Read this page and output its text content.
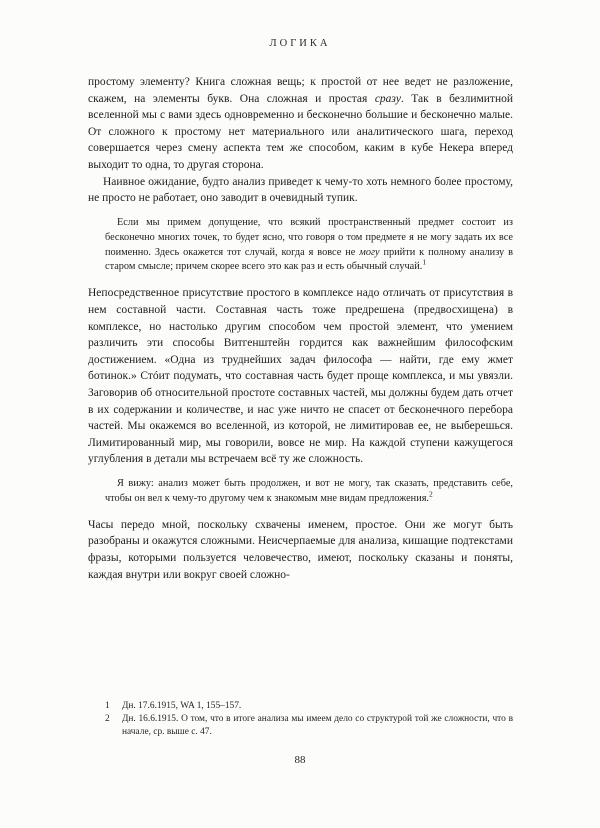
ЛОГИКА

простому элементу? Книга сложная вещь; к простой от нее ведет не разложение, скажем, на элементы букв. Она сложная и простая сразу. Так в безлимитной вселенной мы с вами здесь одновременно и бесконечно большие и бесконечно малые. От сложного к простому нет материального или аналитического шага, переход совершается через смену аспекта тем же способом, каким в кубе Некера вперед выходит то одна, то другая сторона.

Наивное ожидание, будто анализ приведет к чему-то хоть немного более простому, не просто не работает, оно заводит в очевидный тупик.

Если мы примем допущение, что всякий пространственный предмет состоит из бесконечно многих точек, то будет ясно, что говоря о том предмете я не могу задать их все поименно. Здесь окажется тот случай, когда я вовсе не могу прийти к полному анализу в старом смысле; причем скорее всего это как раз и есть обычный случай.$^1$

Непосредственное присутствие простого в комплексе надо отличать от присутствия в нем составной части. Составная часть тоже предрешена (предвосхищена) в комплексе, но настолько другим способом чем простой элемент, что умением различить эти способы Витгенштейн гордится как важнейшим философским достижением. «Одна из труднейших задач философа — найти, где ему жмет ботинок.» Стóит подумать, что составная часть будет проще комплекса, и мы увязли. Заговорив об относительной простоте составных частей, мы должны будем дать отчет в их содержании и количестве, и нас уже ничто не спасет от бесконечного перебора частей. Мы окажемся во вселенной, из которой, не лимитировав ее, не выберешься. Лимитированный мир, мы говорили, вовсе не мир. На каждой ступени кажущегося углубления в детали мы встречаем всё ту же сложность.

Я вижу: анализ может быть продолжен, и вот не могу, так сказать, представить себе, чтобы он вел к чему-то другому чем к знакомым мне видам предложения.$^2$

Часы передо мной, поскольку схвачены именем, простое. Они же могут быть разобраны и окажутся сложными. Неисчерпаемые для анализа, кишащие подтекстами фразы, которыми пользуется человечество, имеют, поскольку сказаны и поняты, каждая внутри или вокруг своей сложно-

1 Дн. 17.6.1915, WA 1, 155–157.

2 Дн. 16.6.1915. О том, что в итоге анализа мы имеем дело со структурой той же сложности, что в начале, ср. выше с. 47.

88
